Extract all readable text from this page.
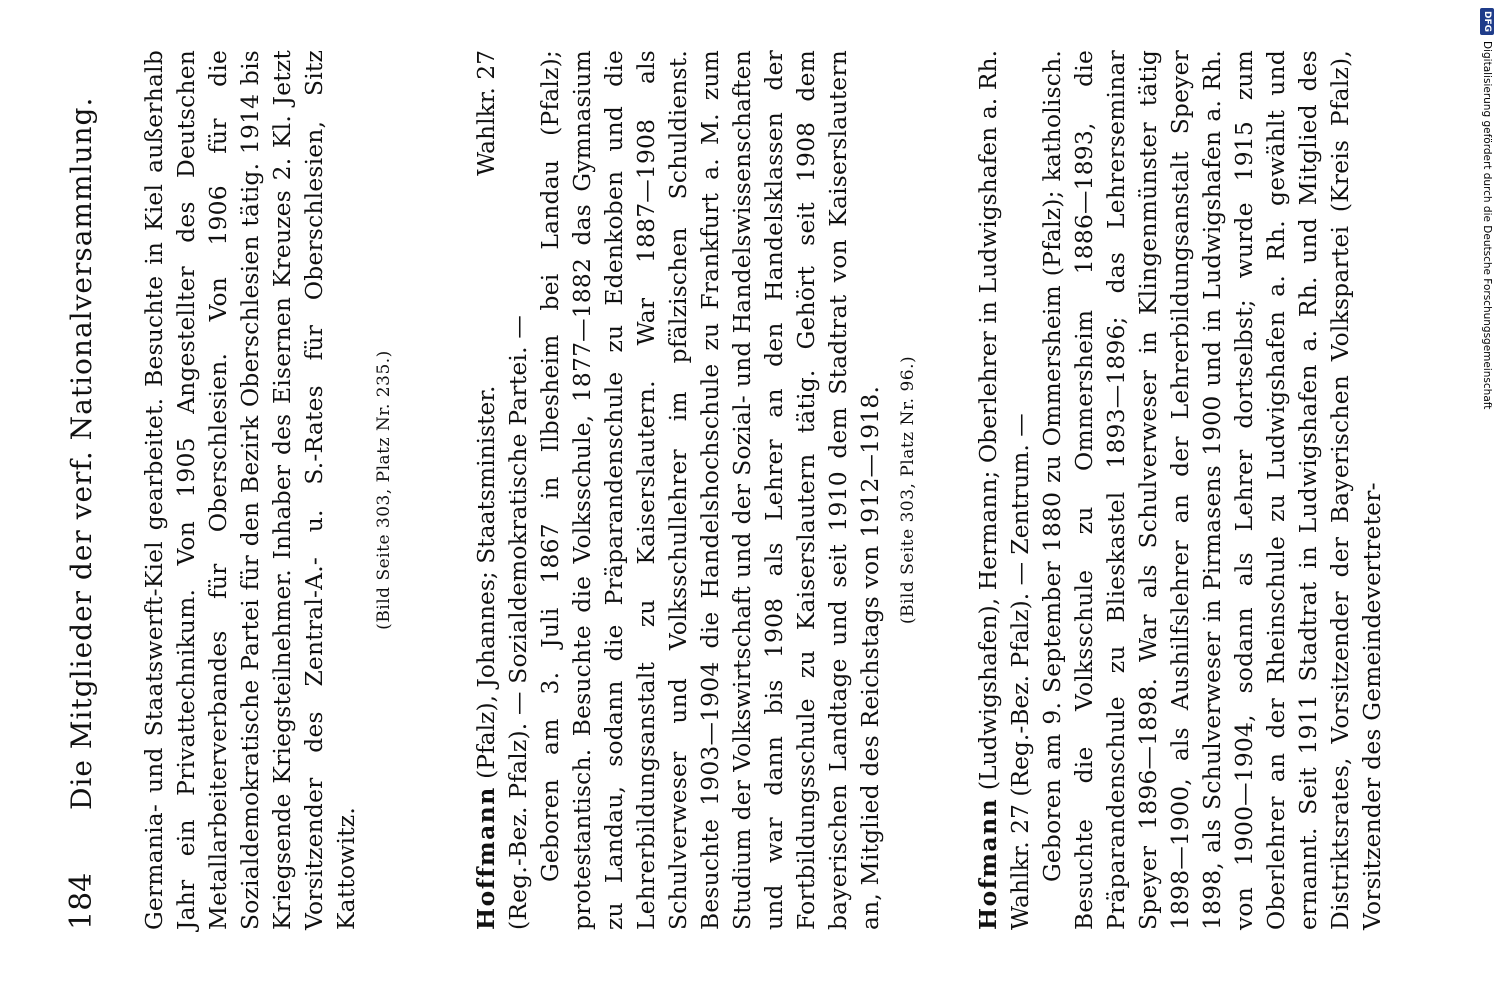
184
Die Mitglieder der verf. Nationalversammlung. Germania- und Staatswerft-Kiel gearbeitet. Besuchte in Kiel außerhalb Jahr ein Privattechnikum. Von 1905 Angestellter des Deutschen Metallarbeiterverbandes für Oberschlesien. Von 1906 für die Sozialdemokratische Partei für den Bezirk Oberschlesien tätig. 1914 bis Kriegsende Kriegsteilnehmer. Inhaber des Eisernen Kreuzes 2. Kl. Jetzt Vorsitzender des Zentral-A.- u. S.-Rates für Oberschlesien, Sitz Kattowitz.

(Bild Seite 303, Platz Nr. 235.)

Hoffmann (Pfalz), Johannes; Staatsminister.
Wahlkr. 27

(Reg.-Bez. Pfalz). — Sozialdemokratische Partei. — Geboren am 3. Juli 1867 in Ilbesheim bei Landau (Pfalz); protestantisch. Besuchte die Volksschule, 1877—1882 das Gymnasium zu Landau, sodann die Präparandenschule zu Edenkoben und die Lehrerbildungsanstalt zu Kaiserslautern. War 1887—1908 als Schulverweser und Volksschullehrer im pfälzischen Schuldienst. Besuchte 1903—1904 die Handelshochschule zu Frankfurt a. M. zum Studium der Volkswirtschaft und der Sozial- und Handelswissenschaften und war dann bis 1908 als Lehrer an den Handelsklassen der Fortbildungsschule zu Kaiserslautern tätig. Gehört seit 1908 dem bayerischen Landtage und seit 1910 dem Stadtrat von Kaiserslautern an, Mitglied des Reichstags von 1912—1918. (Bild Seite 303, Platz Nr. 96.)

Hofmann (Ludwigshafen), Hermann; Oberlehrer in Ludwigshafen a. Rh. Wahlkr. 27 (Reg.-Bez. Pfalz). — Zentrum. — Geboren am 9. September 1880 zu Ommersheim (Pfalz); katholisch. Besuchte die Volksschule zu Ommersheim 1886—1893, die Präparandenschule zu Blieskastel 1893—1896; das Lehrerseminar Speyer 1896—1898. War als Schulverweser in Klingenmünster tätig 1898—1900, als Aushilfslehrer an der Lehrerbildungsanstalt Speyer 1898, als Schulverweser in Pirmasens 1900 und in Ludwigshafen a. Rh. von 1900—1904, sodann als Lehrer dortselbst; wurde 1915 zum Oberlehrer an der Rheinschule zu Ludwigshafen a. Rh. gewählt und ernannt. Seit 1911 Stadtrat in Ludwigshafen a. Rh. und Mitglied des Distriktsrates, Vorsitzender der Bayerischen Volkspartei (Kreis Pfalz), Vorsitzender des Gemeindevertreter-

DFG
Digitalisierung gefördert durch die Deutsche Forschungsgemeinschaft
